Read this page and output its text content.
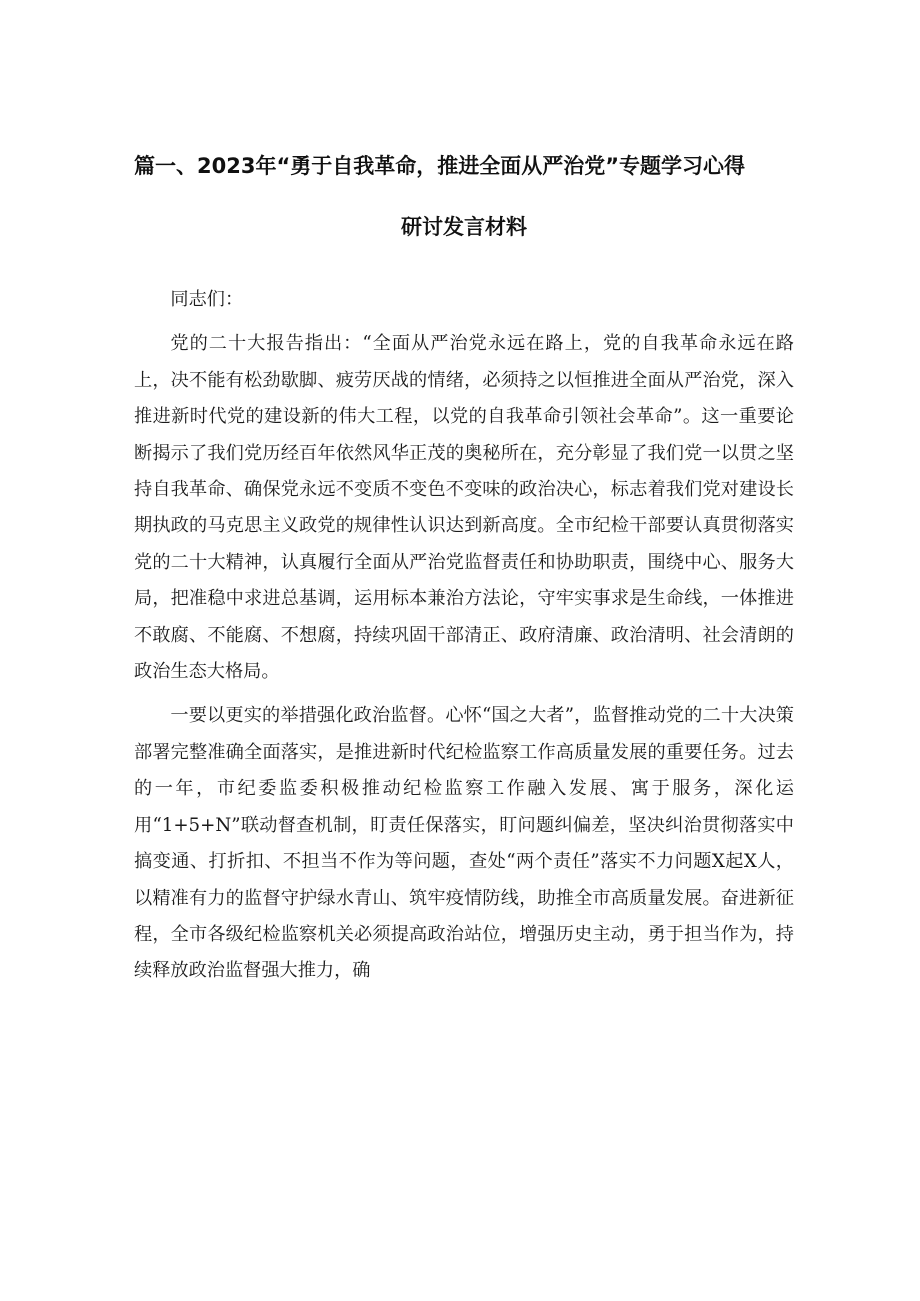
篇一、2023年“勇于自我革命，推进全面从严治党”专题学习心得
研讨发言材料

同志们：

党的二十大报告指出：“全面从严治党永远在路上，党的自我革命永远在路上，决不能有松劲歇脚、疲劳厌战的情绪，必须持之以恒推进全面从严治党，深入推进新时代党的建设新的伟大工程，以党的自我革命引领社会革命”。这一重要论断揭示了我们党历经百年依然风华正茂的奥秘所在，充分彰显了我们党一以贯之坚持自我革命、确保党永远不变质不变色不变味的政治决心，标志着我们党对建设长期执政的马克思主义政党的规律性认识达到新高度。全市纪检干部要认真贯彻落实党的二十大精神，认真履行全面从严治党监督责任和协助职责，围绕中心、服务大局，把准稳中求进总基调，运用标本兼治方法论，守牢实事求是生命线，一体推进不敢腐、不能腐、不想腐，持续巩固干部清正、政府清廉、政治清明、社会清朗的政治生态大格局。

一要以更实的举措强化政治监督。心怀“国之大者”，监督推动党的二十大决策部署完整准确全面落实，是推进新时代纪检监察工作高质量发展的重要任务。过去的一年，市纪委监委积极推动纪检监察工作融入发展、寓于服务，深化运用“1+5+N”联动督查机制，盯责任保落实，盯问题纠偏差，坚决纠治贯彻落实中搞变通、打折扣、不担当不作为等问题，查处“两个责任”落实不力问题X起X人，以精准有力的监督守护绿水青山、筑牢疫情防线，助推全市高质量发展。奋进新征程，全市各级纪检监察机关必须提高政治站位，增强历史主动，勇于担当作为，持续释放政治监督强大推力，确
